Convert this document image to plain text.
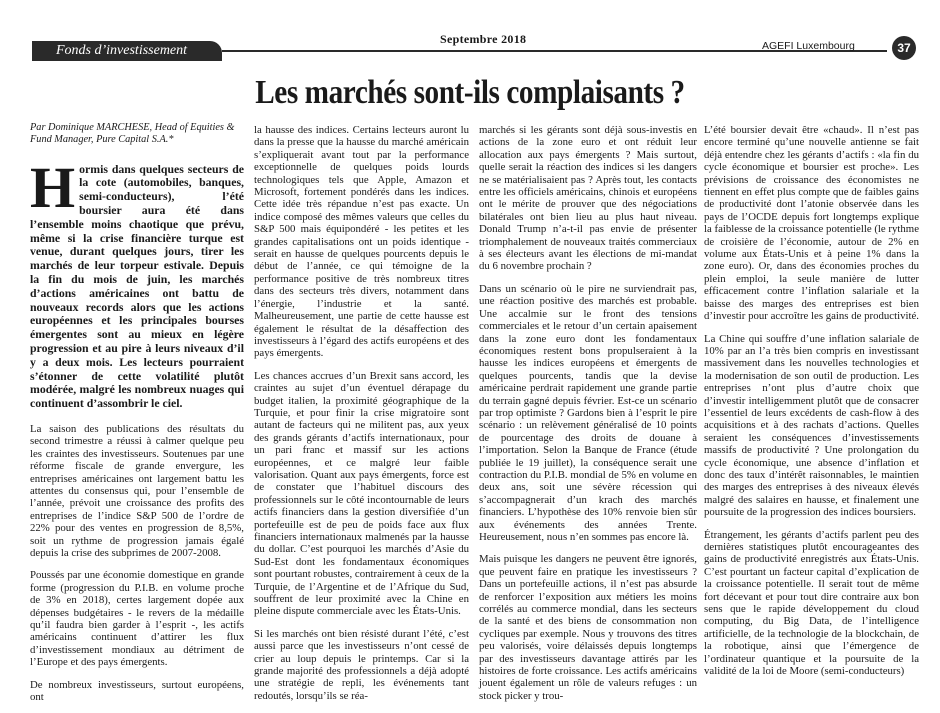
Fonds d’investissement
Septembre 2018	AGEFI Luxembourg	37
Les marchés sont-ils complaisants ?

Par Dominique MARCHESE, Head of Equities & Fund Manager, Pure Capital S.A.*

Hormis dans quelques secteurs de la cote (automobiles, banques, semi-conducteurs), l’été boursier aura été dans l’ensemble moins chaotique que prévu, même si la crise financière turque est venue, durant quelques jours, tirer les marchés de leur torpeur estivale. Depuis la fin du mois de juin, les marchés d’actions américaines ont battu de nouveaux records alors que les actions européennes et les principales bourses émergentes sont au mieux en légère progression et au pire à leurs niveaux d’il y a deux mois. Les lecteurs pourraient s’étonner de cette volatilité plutôt modérée, malgré les nombreux nuages qui continuent d’assombrir le ciel.

La saison des publications des résultats du second trimestre a réussi à calmer quelque peu les craintes des investisseurs. Soutenues par une réforme fiscale de grande envergure, les entreprises américaines ont largement battu les attentes du consensus qui, pour l’ensemble de l’année, prévoit une croissance des profits des entreprises de l’indice S&P 500 de l’ordre de 22% pour des ventes en progression de 8,5%, soit un rythme de progression jamais égalé depuis la crise des subprimes de 2007-2008.

Poussés par une économie domestique en grande forme (progression du P.I.B. en volume proche de 3% en 2018), certes largement dopée aux dépenses budgétaires - le revers de la médaille qu’il faudra bien garder à l’esprit -, les actifs américains continuent d’attirer les flux d’investissement mondiaux au détriment de l’Europe et des pays émergents.

De nombreux investisseurs, surtout européens, ont

la hausse des indices. Certains lecteurs auront lu dans la presse que la hausse du marché américain s’expliquerait avant tout par la performance exceptionnelle de quelques poids lourds technologiques tels que Apple, Amazon et Microsoft, fortement pondérés dans les indices. Cette idée très répandue n’est pas exacte. Un indice composé des mêmes valeurs que celles du S&P 500 mais équipondéré - les petites et les grandes capitalisations ont un poids identique - serait en hausse de quelques pourcents depuis le début de l’année, ce qui témoigne de la performance positive de très nombreux titres dans des secteurs très divers, notamment dans l’énergie, l’industrie et la santé. Malheureusement, une partie de cette hausse est également le résultat de la désaffection des investisseurs à l’égard des actifs européens et des pays émergents.

Les chances accrues d’un Brexit sans accord, les craintes au sujet d’un éventuel dérapage du budget italien, la proximité géographique de la Turquie, et pour finir la crise migratoire sont autant de facteurs qui ne militent pas, aux yeux des grands gérants d’actifs internationaux, pour un pari franc et massif sur les actions européennes, et ce malgré leur faible valorisation. Quant aux pays émergents, force est de constater que l’habituel discours des professionnels sur le côté incontournable de leurs actifs financiers dans la gestion diversifiée d’un portefeuille est de peu de poids face aux flux financiers internationaux malmenés par la hausse du dollar. C’est pourquoi les marchés d’Asie du Sud-Est dont les fondamentaux économiques sont pourtant robustes, contrairement à ceux de la Turquie, de l’Argentine et de l’Afrique du Sud, souffrent de leur proximité avec la Chine en pleine dispute commerciale avec les États-Unis.

Si les marchés ont bien résisté durant l’été, c’est aussi parce que les investisseurs n’ont cessé de crier au loup depuis le printemps. Car si la grande majorité des professionnels a déjà adopté une stratégie de repli, les événements tant redoutés, lorsqu’ils se réa-

marchés si les gérants sont déjà sous-investis en actions de la zone euro et ont réduit leur allocation aux pays émergents ? Mais surtout, quelle serait la réaction des indices si les dangers ne se matérialisaient pas ? Après tout, les contacts entre les officiels américains, chinois et européens ont le mérite de prouver que des négociations bilatérales ont bien lieu au plus haut niveau. Donald Trump n’a-t-il pas envie de présenter triomphalement de nouveaux traités commerciaux à ses électeurs avant les élections de mi-mandat du 6 novembre prochain ?

Dans un scénario où le pire ne surviendrait pas, une réaction positive des marchés est probable. Une accalmie sur le front des tensions commerciales et le retour d’un certain apaisement dans la zone euro dont les fondamentaux économiques restent bons propulseraient à la hausse les indices européens et émergents de quelques pourcents, tandis que la devise américaine perdrait rapidement une grande partie du terrain gagné depuis février. Est-ce un scénario par trop optimiste ? Gardons bien à l’esprit le pire scénario : un relèvement généralisé de 10 points de pourcentage des droits de douane à l’importation. Selon la Banque de France (étude publiée le 19 juillet), la conséquence serait une contraction du P.I.B. mondial de 5% en volume en deux ans, soit une sévère récession qui s’accompagnerait d’un krach des marchés financiers. L’hypothèse des 10% renvoie bien sûr aux événements des années Trente. Heureusement, nous n’en sommes pas encore là.

Mais puisque les dangers ne peuvent être ignorés, que peuvent faire en pratique les investisseurs ? Dans un portefeuille actions, il n’est pas absurde de renforcer l’exposition aux métiers les moins corrélés au commerce mondial, dans les secteurs de la santé et des biens de consommation non cycliques par exemple. Nous y trouvons des titres peu valorisés, voire délaissés depuis longtemps par des investisseurs davantage attirés par les histoires de forte croissance. Les actifs américains jouent également un rôle de valeurs refuges : un stock picker y trou-

L’été boursier devait être «chaud». Il n’est pas encore terminé qu’une nouvelle antienne se fait déjà entendre chez les gérants d’actifs : «la fin du cycle économique et boursier est proche». Les prévisions de croissance des économistes ne tiennent en effet plus compte que de faibles gains de productivité dont l’atonie observée dans les pays de l’OCDE depuis fort longtemps explique la faiblesse de la croissance potentielle (le rythme de croisière de l’économie, autour de 2% en volume aux États-Unis et à peine 1% dans la zone euro). Or, dans des économies proches du plein emploi, la seule manière de lutter efficacement contre l’inflation salariale et la baisse des marges des entreprises est bien d’investir pour accroître les gains de productivité.

La Chine qui souffre d’une inflation salariale de 10% par an l’a très bien compris en investissant massivement dans les nouvelles technologies et la modernisation de son outil de production. Les entreprises n’ont plus d’autre choix que d’investir intelligemment plutôt que de consacrer l’essentiel de leurs excédents de cash-flow à des acquisitions et à des rachats d’actions. Quelles seraient les conséquences d’investissements massifs de productivité ? Une prolongation du cycle économique, une absence d’inflation et donc des taux d’intérêt raisonnables, le maintien des marges des entreprises à des niveaux élevés malgré des salaires en hausse, et finalement une poursuite de la progression des indices boursiers.

Étrangement, les gérants d’actifs parlent peu des dernières statistiques plutôt encourageantes des gains de productivité enregistrés aux États-Unis. C’est pourtant un facteur capital d’explication de la croissance potentielle. Il serait tout de même fort décevant et pour tout dire contraire aux bon sens que le rapide développement du cloud computing, du Big Data, de l’intelligence artificielle, de la technologie de la blockchain, de la robotique, ainsi que l’émergence de l’ordinateur quantique et la poursuite de la validité de la loi de Moore (semi-conducteurs)
